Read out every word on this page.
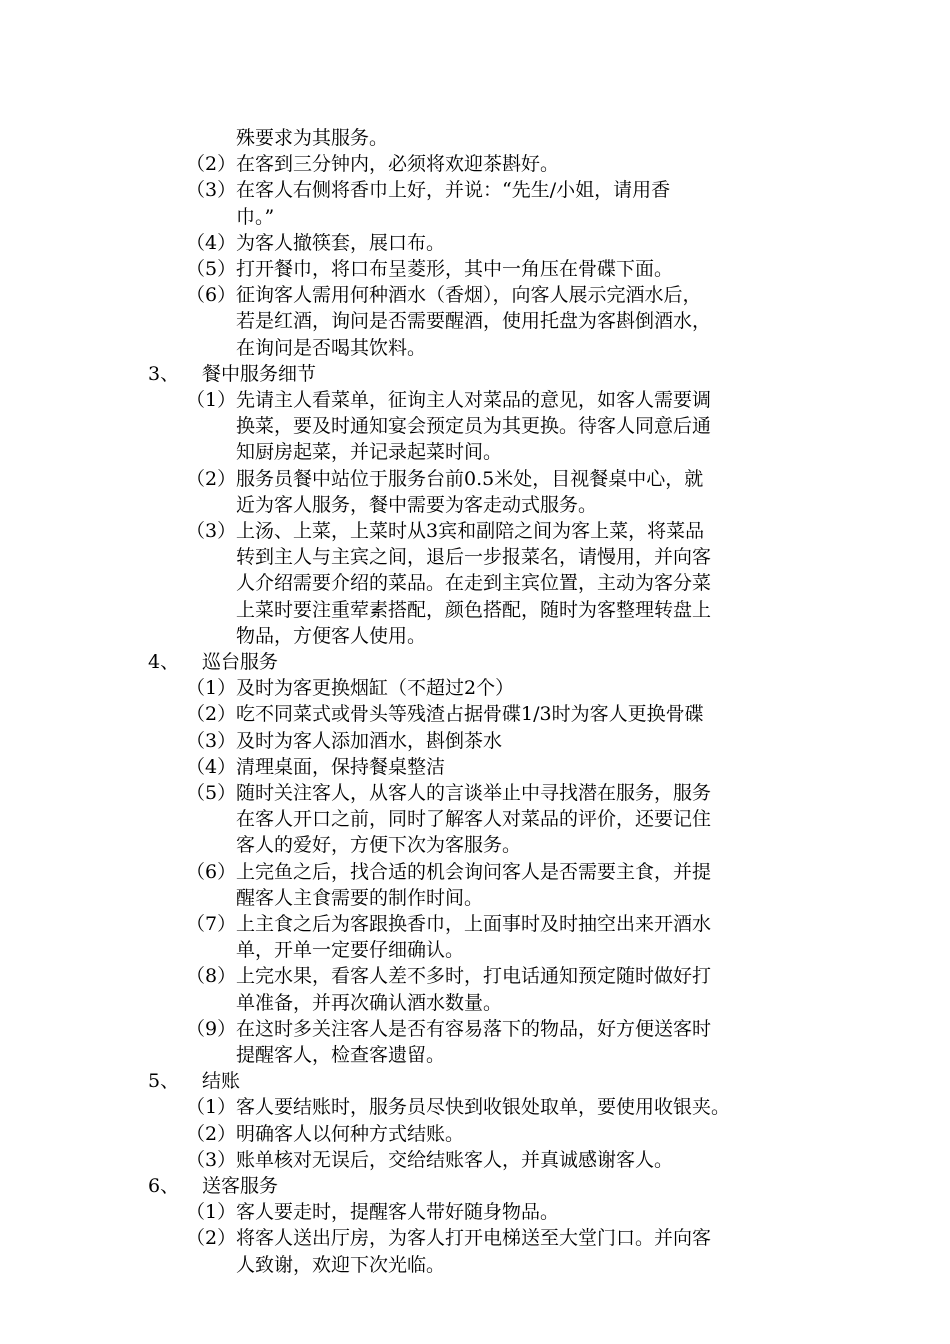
殊要求为其服务。
（2） 在客到三分钟内，必须将欢迎茶斟好。
（3） 在客人右侧将香巾上好，并说：“先生/小姐，请用香
巾。”
（4） 为客人撤筷套，展口布。
（5） 打开餐巾，将口布呈菱形，其中一角压在骨碟下面。
（6） 征询客人需用何种酒水（香烟），向客人展示完酒水后，
若是红酒，询问是否需要醒酒，使用托盘为客斟倒酒水，
在询问是否喝其饮料。
3、 餐中服务细节
（1） 先请主人看菜单，征询主人对菜品的意见，如客人需要调
换菜，要及时通知宴会预定员为其更换。待客人同意后通
知厨房起菜，并记录起菜时间。
（2） 服务员餐中站位于服务台前0.5米处，目视餐桌中心，就
近为客人服务，餐中需要为客走动式服务。
（3） 上汤、上菜，上菜时从3宾和副陪之间为客上菜，将菜品
转到主人与主宾之间，退后一步报菜名，请慢用，并向客
人介绍需要介绍的菜品。在走到主宾位置，主动为客分菜
上菜时要注重荤素搭配，颜色搭配，随时为客整理转盘上
物品，方便客人使用。
4、 巡台服务
（1） 及时为客更换烟缸（不超过2个）
（2） 吃不同菜式或骨头等残渣占据骨碟1/3时为客人更换骨碟
（3） 及时为客人添加酒水，斟倒茶水
（4） 清理桌面，保持餐桌整洁
（5） 随时关注客人，从客人的言谈举止中寻找潜在服务，服务
在客人开口之前，同时了解客人对菜品的评价，还要记住
客人的爱好，方便下次为客服务。
（6） 上完鱼之后，找合适的机会询问客人是否需要主食，并提
醒客人主食需要的制作时间。
（7） 上主食之后为客跟换香巾，上面事时及时抽空出来开酒水
单，开单一定要仔细确认。
（8） 上完水果，看客人差不多时，打电话通知预定随时做好打
单准备，并再次确认酒水数量。
（9） 在这时多关注客人是否有容易落下的物品，好方便送客时
提醒客人，检查客遗留。
5、 结账
（1） 客人要结账时，服务员尽快到收银处取单，要使用收银夹。
（2） 明确客人以何种方式结账。
（3） 账单核对无误后，交给结账客人，并真诚感谢客人。
6、 送客服务
（1） 客人要走时，提醒客人带好随身物品。
（2） 将客人送出厅房，为客人打开电梯送至大堂门口。并向客
人致谢，欢迎下次光临。
